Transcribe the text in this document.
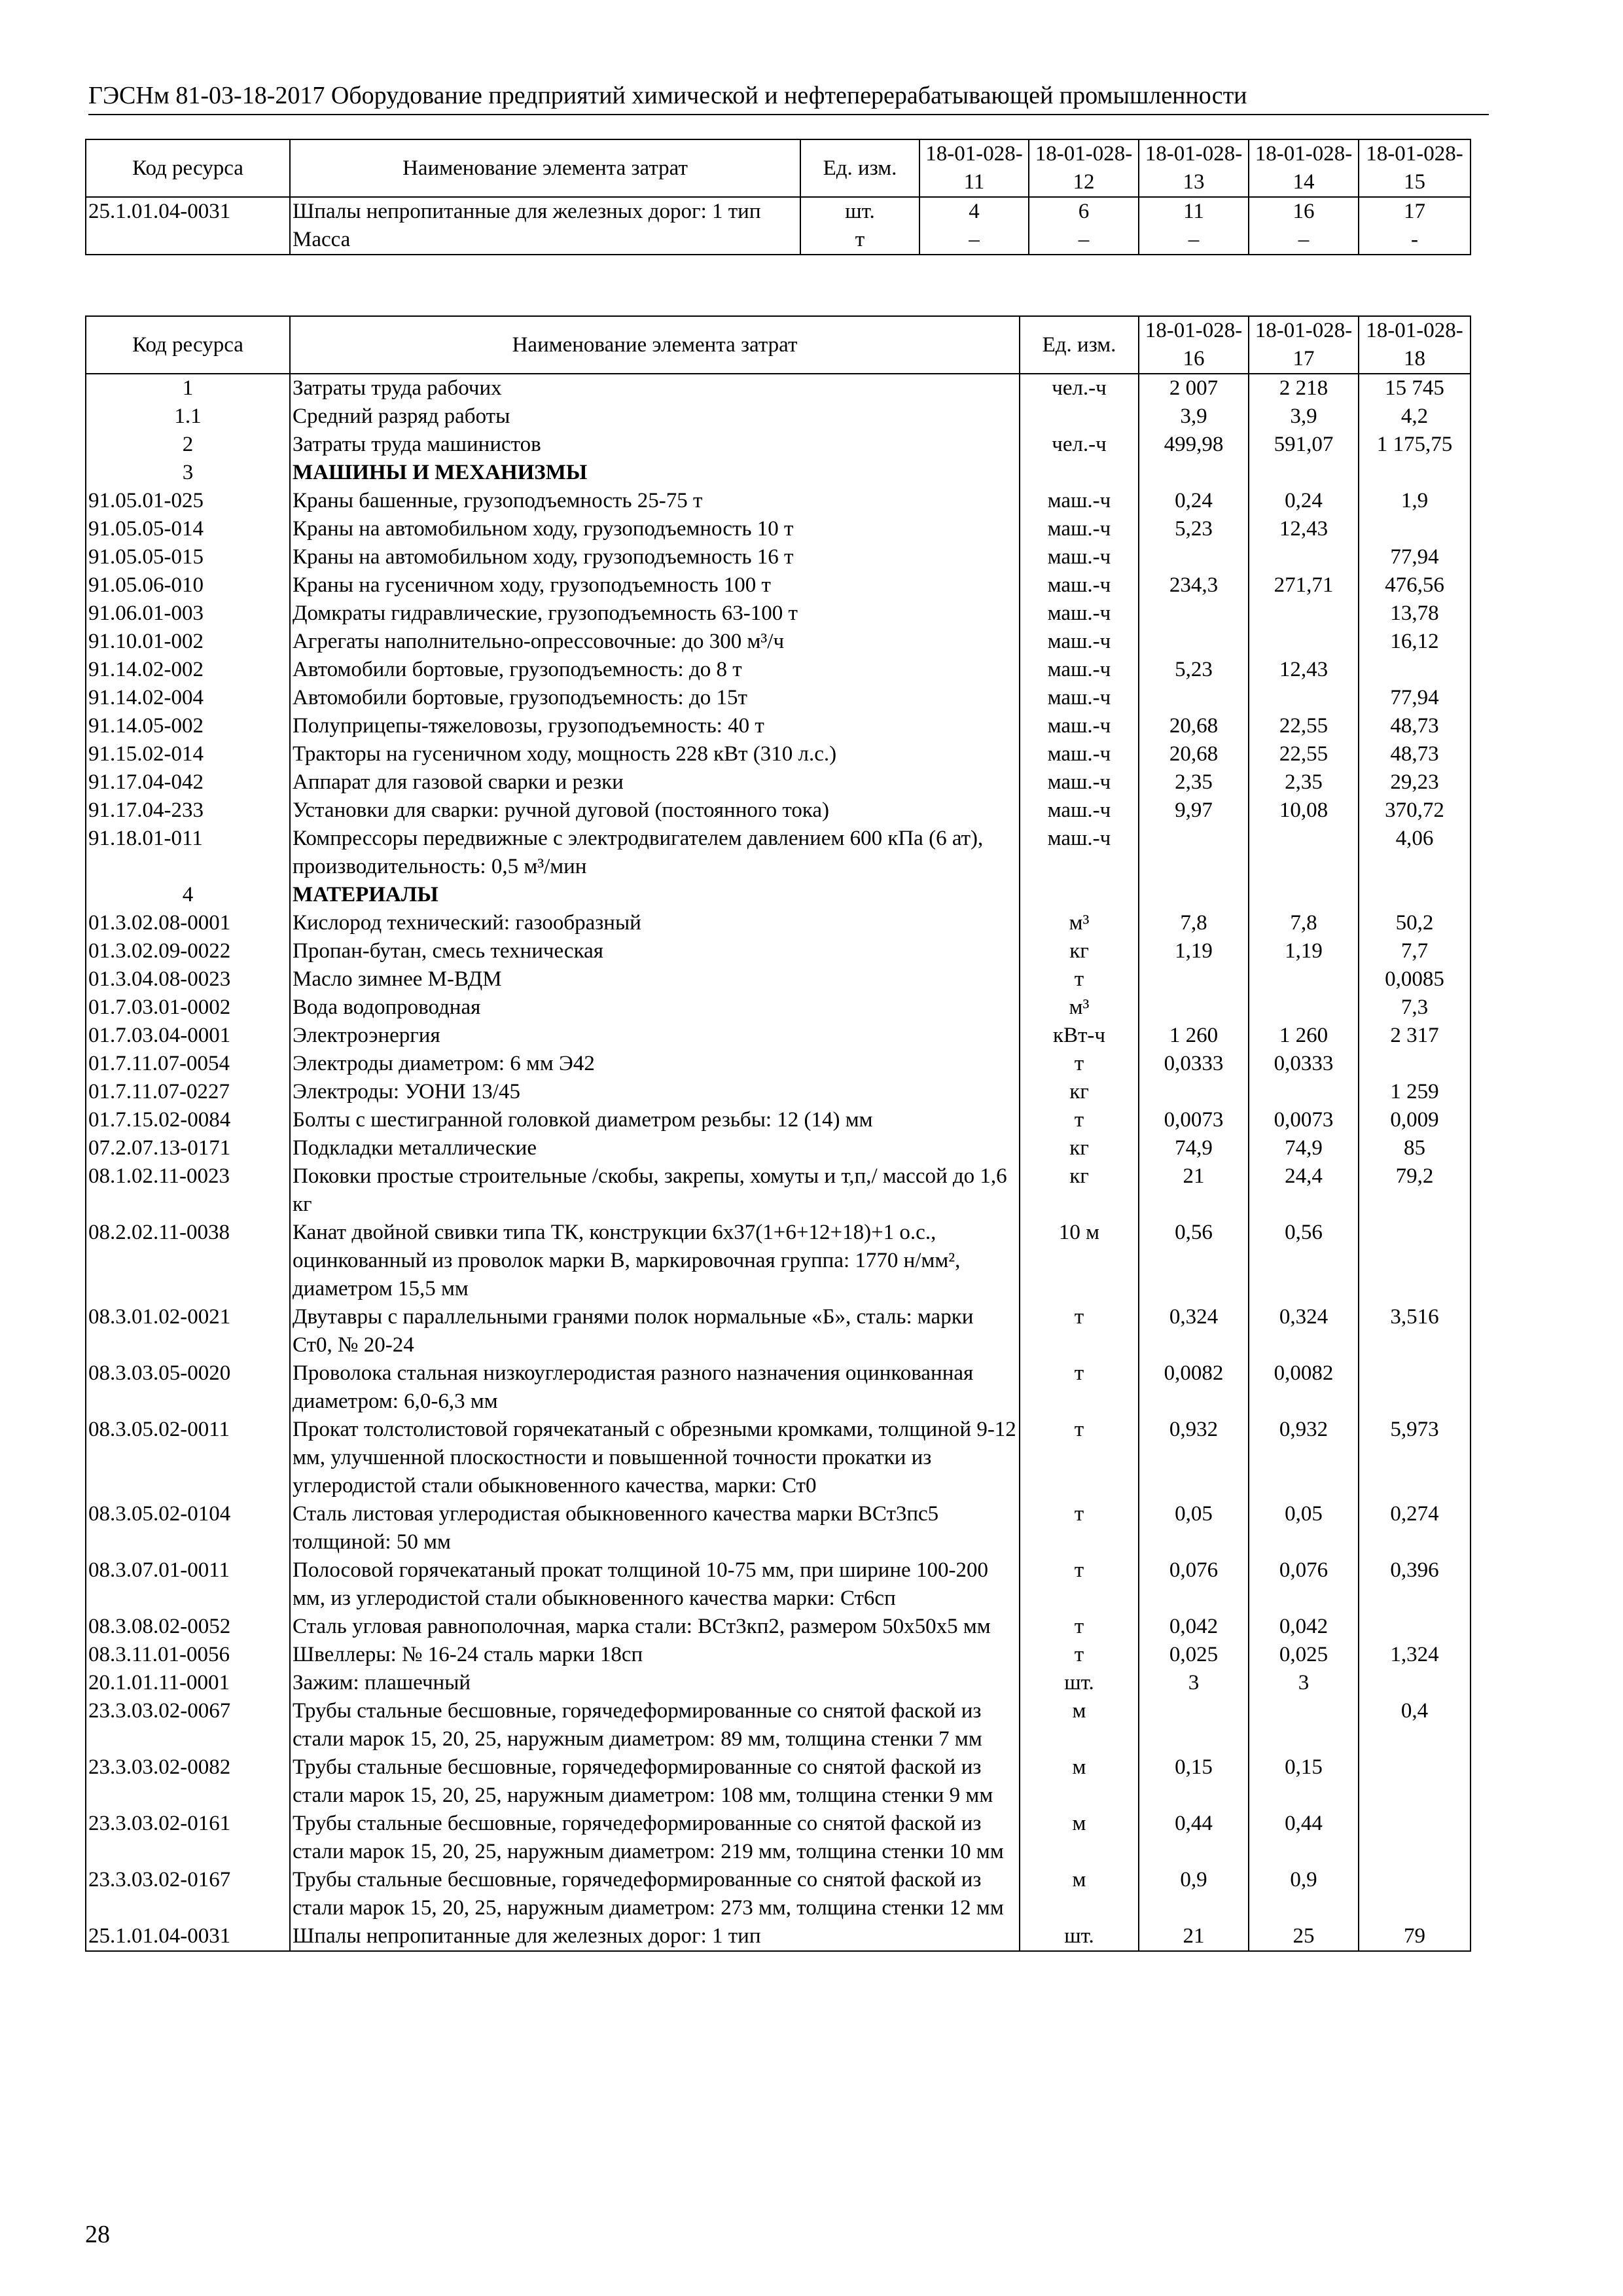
ГЭСНм 81-03-18-2017 Оборудование предприятий химической и нефтеперерабатывающей промышленности
Код ресурса	Наименование элемента затрат	Ед. изм.	18-01-028-11	18-01-028-12	18-01-028-13	18-01-028-14	18-01-028-15
25.1.01.04-0031	Шпалы непропитанные для железных дорог: 1 тип	шт.	4	6	11	16	17
	Масса	т	–	–	–	–	-
Код ресурса	Наименование элемента затрат	Ед. изм.	18-01-028-16	18-01-028-17	18-01-028-18
1	Затраты труда рабочих	чел.-ч	2 007	2 218	15 745
1.1	Средний разряд работы		3,9	3,9	4,2
2	Затраты труда машинистов	чел.-ч	499,98	591,07	1 175,75
3	МАШИНЫ И МЕХАНИЗМЫ				
91.05.01-025	Краны башенные, грузоподъемность 25-75 т	маш.-ч	0,24	0,24	1,9
91.05.05-014	Краны на автомобильном ходу, грузоподъемность 10 т	маш.-ч	5,23	12,43	
91.05.05-015	Краны на автомобильном ходу, грузоподъемность 16 т	маш.-ч			77,94
91.05.06-010	Краны на гусеничном ходу, грузоподъемность 100 т	маш.-ч	234,3	271,71	476,56
91.06.01-003	Домкраты гидравлические, грузоподъемность 63-100 т	маш.-ч			13,78
91.10.01-002	Агрегаты наполнительно-опрессовочные: до 300 м³/ч	маш.-ч			16,12
91.14.02-002	Автомобили бортовые, грузоподъемность: до 8 т	маш.-ч	5,23	12,43	
91.14.02-004	Автомобили бортовые, грузоподъемность: до 15т	маш.-ч			77,94
91.14.05-002	Полуприцепы-тяжеловозы, грузоподъемность: 40 т	маш.-ч	20,68	22,55	48,73
91.15.02-014	Тракторы на гусеничном ходу, мощность 228 кВт (310 л.с.)	маш.-ч	20,68	22,55	48,73
91.17.04-042	Аппарат для газовой сварки и резки	маш.-ч	2,35	2,35	29,23
91.17.04-233	Установки для сварки: ручной дуговой (постоянного тока)	маш.-ч	9,97	10,08	370,72
91.18.01-011	Компрессоры передвижные с электродвигателем давлением 600 кПа (6 ат), производительность: 0,5 м³/мин	маш.-ч			4,06
4	МАТЕРИАЛЫ				
01.3.02.08-0001	Кислород технический: газообразный	м³	7,8	7,8	50,2
01.3.02.09-0022	Пропан-бутан, смесь техническая	кг	1,19	1,19	7,7
01.3.04.08-0023	Масло зимнее М-ВДМ	т			0,0085
01.7.03.01-0002	Вода водопроводная	м³			7,3
01.7.03.04-0001	Электроэнергия	кВт-ч	1 260	1 260	2 317
01.7.11.07-0054	Электроды диаметром: 6 мм Э42	т	0,0333	0,0333	
01.7.11.07-0227	Электроды: УОНИ 13/45	кг			1 259
01.7.15.02-0084	Болты с шестигранной головкой диаметром резьбы: 12 (14) мм	т	0,0073	0,0073	0,009
07.2.07.13-0171	Подкладки металлические	кг	74,9	74,9	85
08.1.02.11-0023	Поковки простые строительные /скобы, закрепы, хомуты и т,п,/ массой до 1,6 кг	кг	21	24,4	79,2
08.2.02.11-0038	Канат двойной свивки типа ТК, конструкции 6х37(1+6+12+18)+1 о.с., оцинкованный из проволок марки В, маркировочная группа: 1770 н/мм², диаметром 15,5 мм	10 м	0,56	0,56	
08.3.01.02-0021	Двутавры с параллельными гранями полок нормальные «Б», сталь: марки Ст0, № 20-24	т	0,324	0,324	3,516
08.3.03.05-0020	Проволока стальная низкоуглеродистая разного назначения оцинкованная диаметром: 6,0-6,3 мм	т	0,0082	0,0082	
08.3.05.02-0011	Прокат толстолистовой горячекатаный с обрезными кромками, толщиной 9-12 мм, улучшенной плоскостности и повышенной точности прокатки из углеродистой стали обыкновенного качества, марки: Ст0	т	0,932	0,932	5,973
08.3.05.02-0104	Сталь листовая углеродистая обыкновенного качества марки ВСт3пс5 толщиной: 50 мм	т	0,05	0,05	0,274
08.3.07.01-0011	Полосовой горячекатаный прокат толщиной 10-75 мм, при ширине 100-200 мм, из углеродистой стали обыкновенного качества марки: Ст6сп	т	0,076	0,076	0,396
08.3.08.02-0052	Сталь угловая равнополочная, марка стали: ВСт3кп2, размером 50х50х5 мм	т	0,042	0,042	
08.3.11.01-0056	Швеллеры: № 16-24 сталь марки 18сп	т	0,025	0,025	1,324
20.1.01.11-0001	Зажим: плашечный	шт.	3	3	
23.3.03.02-0067	Трубы стальные бесшовные, горячедеформированные со снятой фаской из стали марок 15, 20, 25, наружным диаметром: 89 мм, толщина стенки 7 мм	м			0,4
23.3.03.02-0082	Трубы стальные бесшовные, горячедеформированные со снятой фаской из стали марок 15, 20, 25, наружным диаметром: 108 мм, толщина стенки 9 мм	м	0,15	0,15	
23.3.03.02-0161	Трубы стальные бесшовные, горячедеформированные со снятой фаской из стали марок 15, 20, 25, наружным диаметром: 219 мм, толщина стенки 10 мм	м	0,44	0,44	
23.3.03.02-0167	Трубы стальные бесшовные, горячедеформированные со снятой фаской из стали марок 15, 20, 25, наружным диаметром: 273 мм, толщина стенки 12 мм	м	0,9	0,9	
25.1.01.04-0031	Шпалы непропитанные для железных дорог: 1 тип	шт.	21	25	79
28
